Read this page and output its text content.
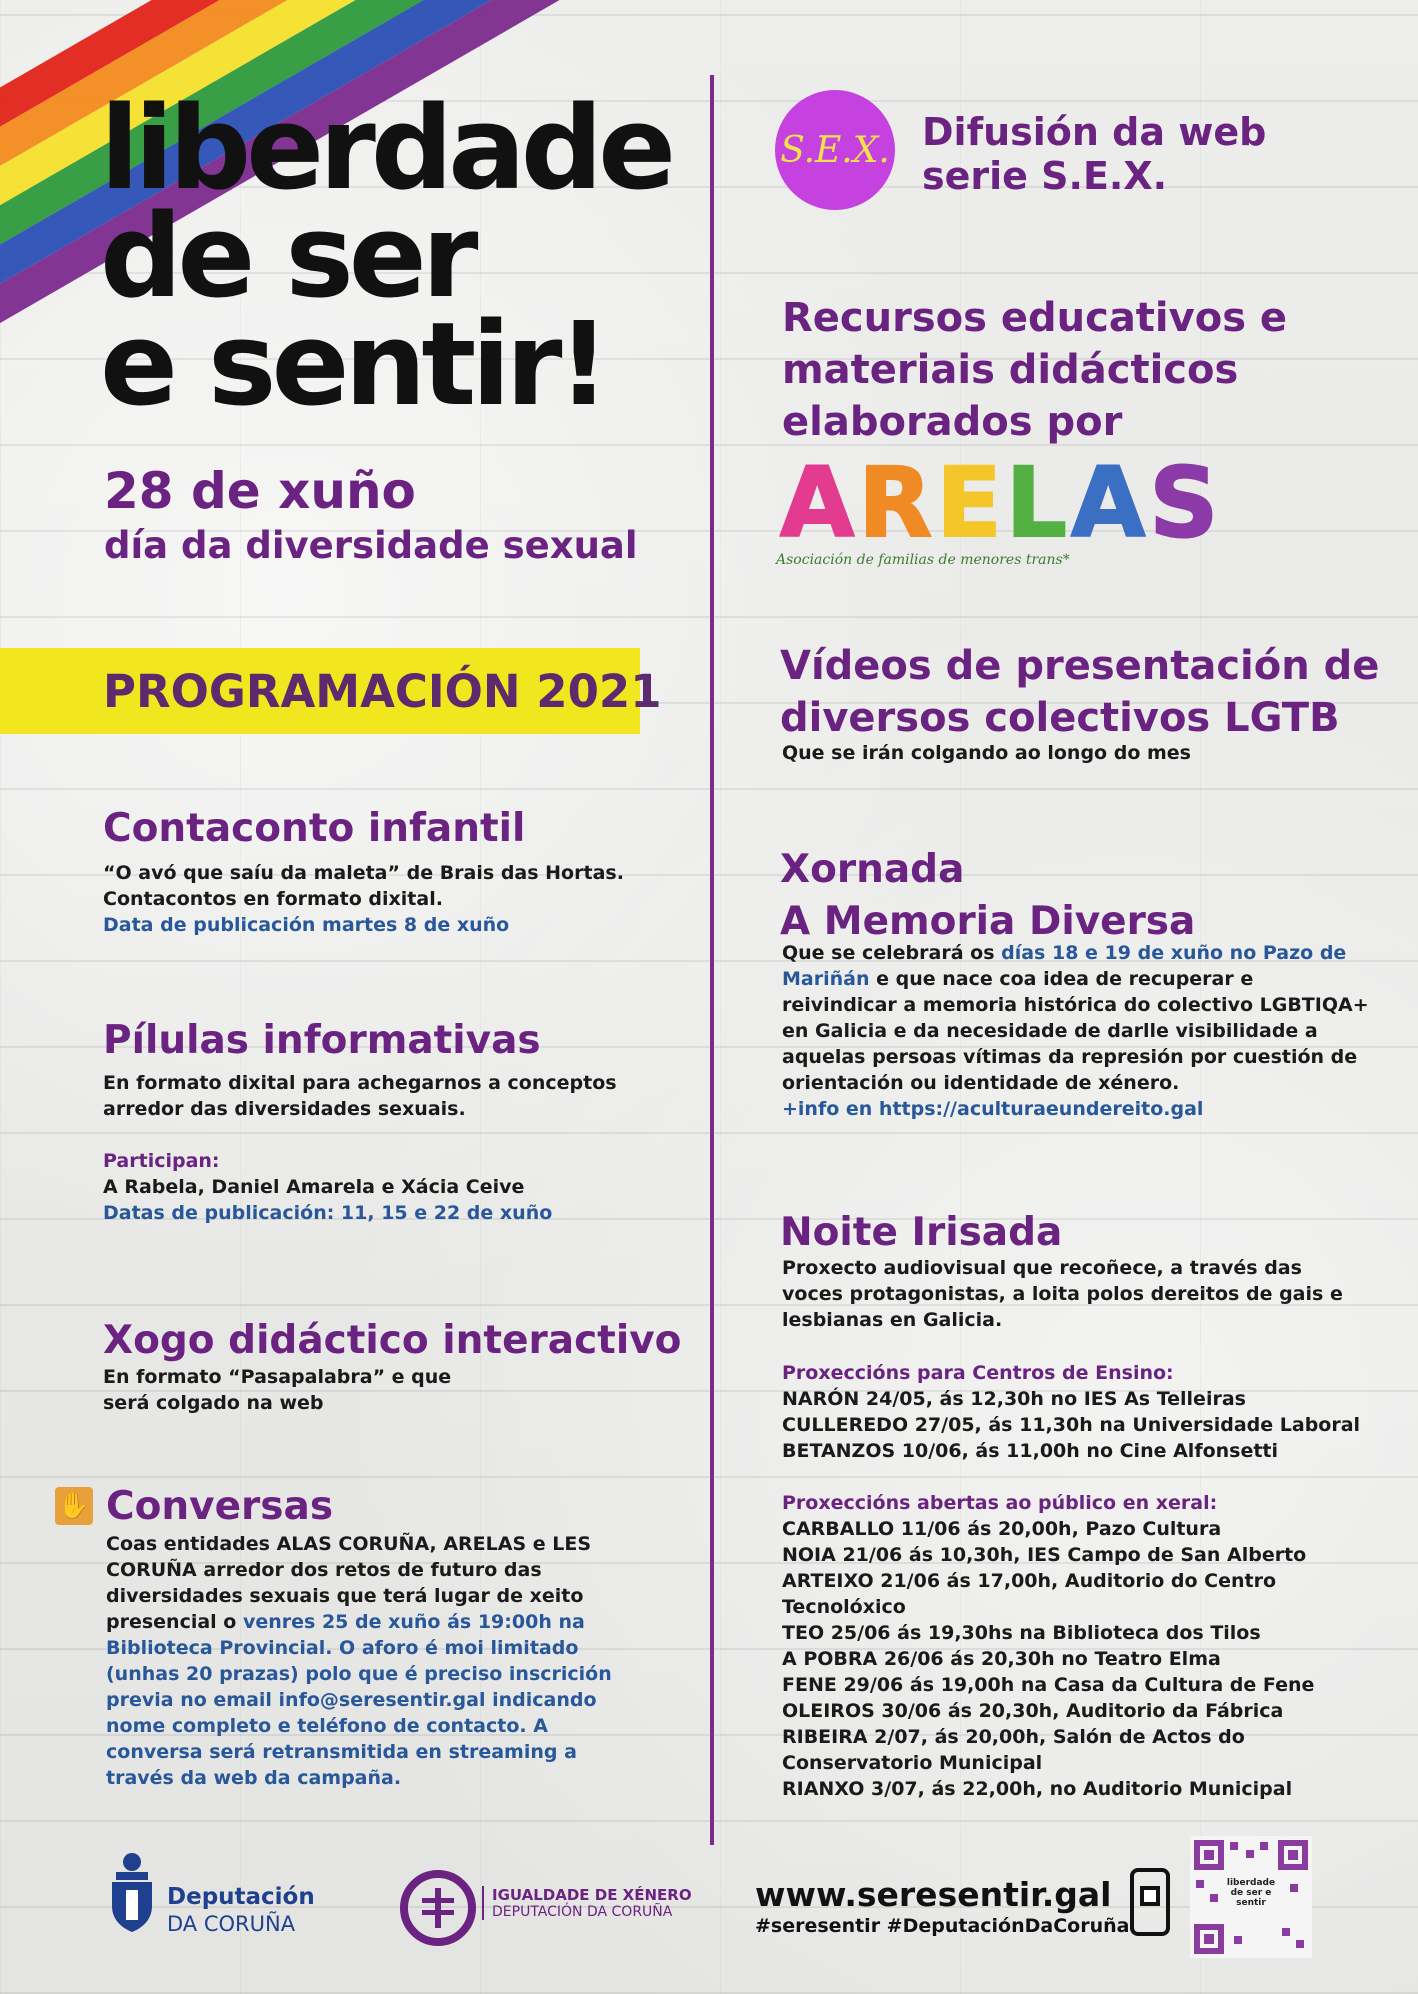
liberdade
de ser
e sentir!
28 de xuño
día da diversidade sexual
PROGRAMACIÓN 2021
Contaconto infantil
“O avó que saíu da maleta” de Brais das Hortas.
Contacontos en formato dixital.
Data de publicación martes 8 de xuño
Pílulas informativas
En formato dixital para achegarnos a conceptos
arredor das diversidades sexuais.
Participan:
A Rabela, Daniel Amarela e Xácia Ceive
Datas de publicación: 11, 15 e 22 de xuño
Xogo didáctico interactivo
En formato “Pasapalabra” e que
será colgado na web
✋ Conversas
Coas entidades ALAS CORUÑA, ARELAS e LES
CORUÑA arredor dos retos de futuro das
diversidades sexuais que terá lugar de xeito
presencial o venres 25 de xuño ás 19:00h na
Biblioteca Provincial. O aforo é moi limitado
(unhas 20 prazas) polo que é preciso inscrición
previa no email info@seresentir.gal indicando
nome completo e teléfono de contacto. A
conversa será retransmitida en streaming a
través da web da campaña.
S.E.X. Difusión da web
serie S.E.X.
Recursos educativos e
materiais didácticos
elaborados por
ARELAS
Asociación de familias de menores trans*
Vídeos de presentación de
diversos colectivos LGTB
Que se irán colgando ao longo do mes
Xornada
A Memoria Diversa
Que se celebrará os días 18 e 19 de xuño no Pazo de
Mariñán e que nace coa idea de recuperar e
reivindicar a memoria histórica do colectivo LGBTIQA+
en Galicia e da necesidade de darlle visibilidade a
aquelas persoas vítimas da represión por cuestión de
orientación ou identidade de xénero.
+info en https://aculturaeundereito.gal
Noite Irisada
Proxecto audiovisual que recoñece, a través das
voces protagonistas, a loita polos dereitos de gais e
lesbianas en Galicia.
Proxeccións para Centros de Ensino:
NARÓN 24/05, ás 12,30h no IES As Telleiras
CULLEREDO 27/05, ás 11,30h na Universidade Laboral
BETANZOS 10/06, ás 11,00h no Cine Alfonsetti
Proxeccións abertas ao público en xeral:
CARBALLO 11/06 ás 20,00h, Pazo Cultura
NOIA 21/06 ás 10,30h, IES Campo de San Alberto
ARTEIXO 21/06 ás 17,00h, Auditorio do Centro
Tecnolóxico
TEO 25/06 ás 19,30hs na Biblioteca dos Tilos
A POBRA 26/06 ás 20,30h no Teatro Elma
FENE 29/06 ás 19,00h na Casa da Cultura de Fene
OLEIROS 30/06 ás 20,30h, Auditorio da Fábrica
RIBEIRA 2/07, ás 20,00h, Salón de Actos do
Conservatorio Municipal
RIANXO 3/07, ás 22,00h, no Auditorio Municipal
Deputación
DA CORUÑA
IGUALDADE DE XÉNERO
DEPUTACIÓN DA CORUÑA	www.seresentir.gal
#seresentir #DeputaciónDaCoruña
liberdade de ser e sentir
